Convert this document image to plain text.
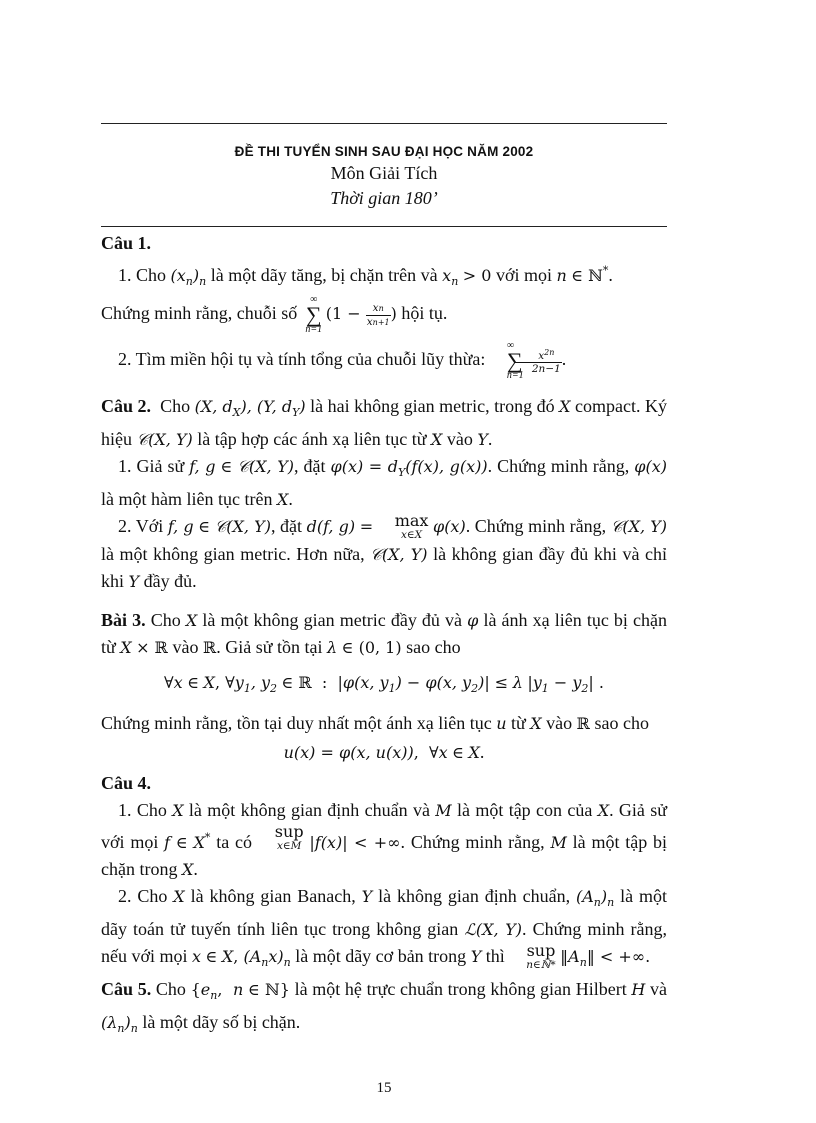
ĐỀ THI TUYỂN SINH SAU ĐẠI HỌC NĂM 2002
Môn Giải Tích
Thời gian 180’

Câu 1.

1. Cho $(x_n)_n$ là một dãy tăng, bị chặn trên và $x_n > 0$ với mọi n ∈ ℕ*.

Chứng minh rằng, chuỗi số
∞
∑
n=1
($1 - \frac{xn}{xn+1}$ ) hội tụ.

2. Tìm miền hội tụ và tính tổng của chuỗi lũy thừa:
∞
∑
n=1
$\frac{x^{2n}}{2n-1}$ .

Câu 2. Cho (X, $d_X$), (Y, $d_Y$) là hai không gian metric, trong đó X compact. Ký hiệu 𝒞(X, Y) là tập hợp các ánh xạ liên tục từ X vào Y.

1. Giả sử f, g ∈ 𝒞(X, Y), đặt $\varphi(x) = d_Y(f(x)$, g(x)). Chứng minh rằng, φ(x) là một hàm liên tục trên X.

2. Với f, g ∈ 𝒞(X, Y), đặt d(f, g) =	max
x∈X φ(x). Chứng minh rằng, 𝒞(X, Y) là một không gian metric. Hơn nữa, 𝒞(X, Y) là không gian đầy đủ khi và chỉ khi Y đầy đủ.

Bài 3. Cho X là một không gian metric đầy đủ và φ là ánh xạ liên tục bị chặn từ X × ℝ vào ℝ. Giả sử tồn tại λ ∈ (0, 1) sao cho

∀x ∈ X, $\forall y_1$, $y_2$ ∈ ℝ  :  |φ(x, $y_1) - \varphi(x$, $y_2)| \le \lambda$ $|y_1 - y_2|$ .

Chứng minh rằng, tồn tại duy nhất một ánh xạ liên tục u từ X vào ℝ sao cho

u(x) = φ(x, u(x)),  ∀x ∈ X.

Câu 4.

1. Cho X là một không gian định chuẩn và M là một tập con của X. Giả sử với mọi f ∈ X* ta có
sup
x∈M |f(x)| < +∞. Chứng minh rằng, M là một tập bị chặn trong X.

2. Cho X là không gian Banach, Y là không gian định chuẩn, $(A_n)_n$ là một dãy toán tử tuyến tính liên tục trong không gian ℒ(X, Y). Chứng minh rằng, nếu với mọi x ∈ X, $(A_nx)_n$ là một dãy cơ bản trong Y thì	sup
n∈ℕ* $‖A_n‖$ < +∞.

Câu 5. Cho {$e_n$,  n ∈ ℕ} là một hệ trực chuẩn trong không gian Hilbert H và $(\lambda_n)_n$ là một dãy số bị chặn.

15
